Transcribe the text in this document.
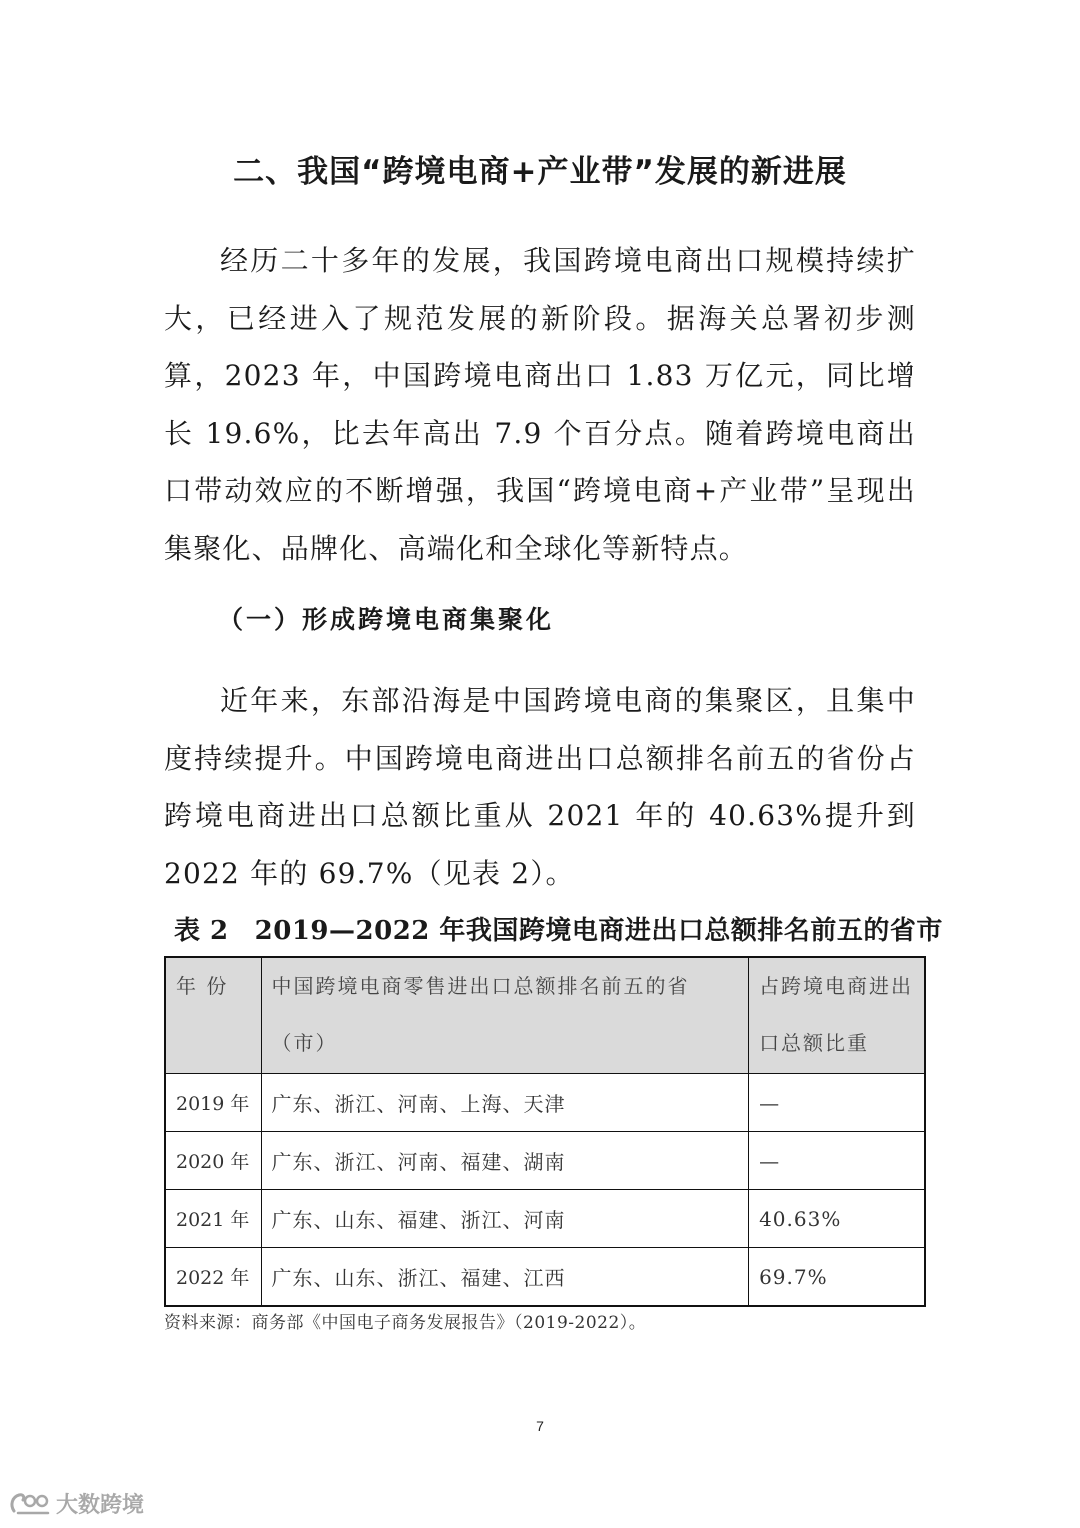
二、我国“跨境电商+产业带”发展的新进展

经历二十多年的发展，我国跨境电商出口规模持续扩大，已经进入了规范发展的新阶段。据海关总署初步测算，2023 年，中国跨境电商出口 1.83 万亿元，同比增长 19.6%，比去年高出 7.9 个百分点。随着跨境电商出口带动效应的不断增强，我国“跨境电商+产业带”呈现出集聚化、品牌化、高端化和全球化等新特点。

（一）形成跨境电商集聚化

近年来，东部沿海是中国跨境电商的集聚区，且集中度持续提升。中国跨境电商进出口总额排名前五的省份占跨境电商进出口总额比重从 2021 年的 40.63%提升到 2022 年的 69.7%（见表 2）。

表 2 2019—2022 年我国跨境电商进出口总额排名前五的省市
年 份	中国跨境电商零售进出口总额排名前五的省（市）	占跨境电商进出口总额比重
2019 年	广东、浙江、河南、上海、天津	—
2020 年	广东、浙江、河南、福建、湖南	—
2021 年	广东、山东、福建、浙江、河南	40.63%
2022 年	广东、山东、浙江、福建、江西	69.7%

资料来源：商务部《中国电子商务发展报告》（2019-2022）。

7
大数跨境
